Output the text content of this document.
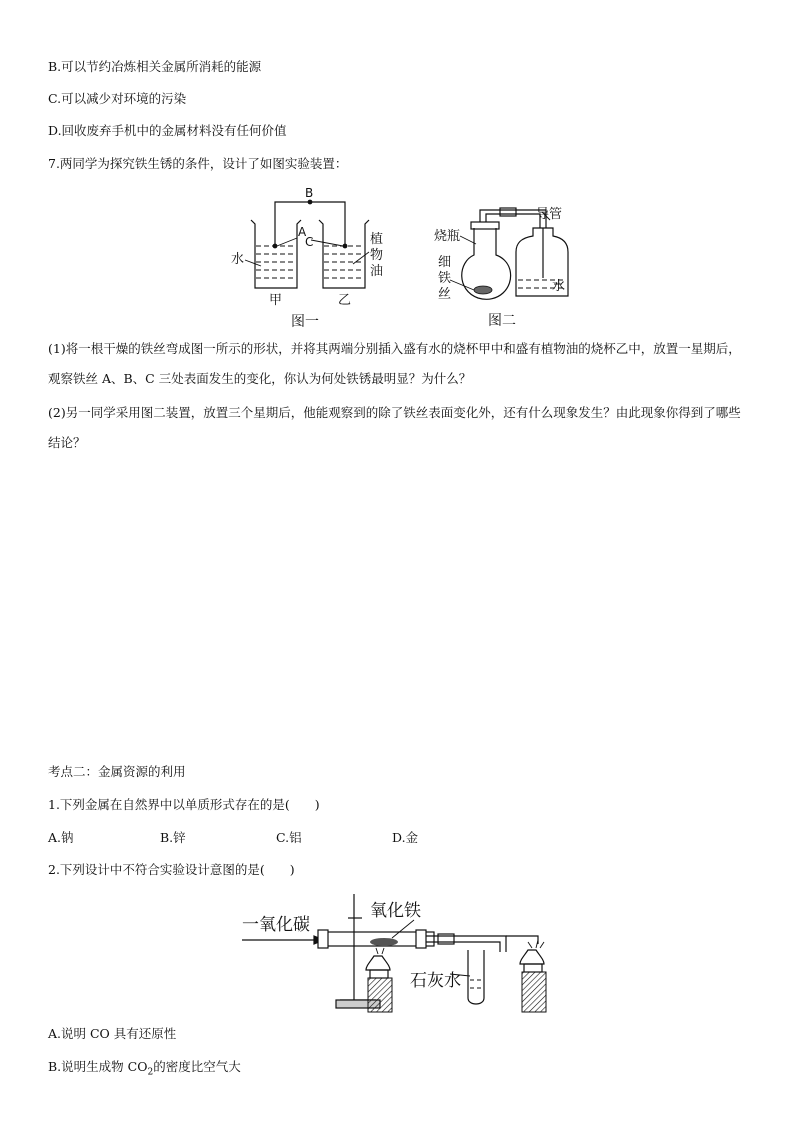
B.可以节约冶炼相关金属所消耗的能源
C.可以减少对环境的污染
D.回收废弃手机中的金属材料没有任何价值
7.两同学为探究铁生锈的条件，设计了如图实验装置：
B
A
C
水
植
物
油
甲	乙
图一
烧瓶
导管
细
铁
丝
水
图二
(1)将一根干燥的铁丝弯成图一所示的形状，并将其两端分别插入盛有水的烧杯甲中和盛有植物油的烧杯乙中，放置一星期后，观察铁丝 A、B、C 三处表面发生的变化，你认为何处铁锈最明显？为什么？
(2)另一同学采用图二装置，放置三个星期后，他能观察到的除了铁丝表面变化外，还有什么现象发生？由此现象你得到了哪些结论？
考点二：金属资源的利用
1.下列金属在自然界中以单质形式存在的是(　　)
A.钠	B.锌	C.铝	D.金
2.下列设计中不符合实验设计意图的是(　　)
一氧化碳
氧化铁
石灰水
A.说明 CO 具有还原性
B.说明生成物 $CO_2$的密度比空气大
